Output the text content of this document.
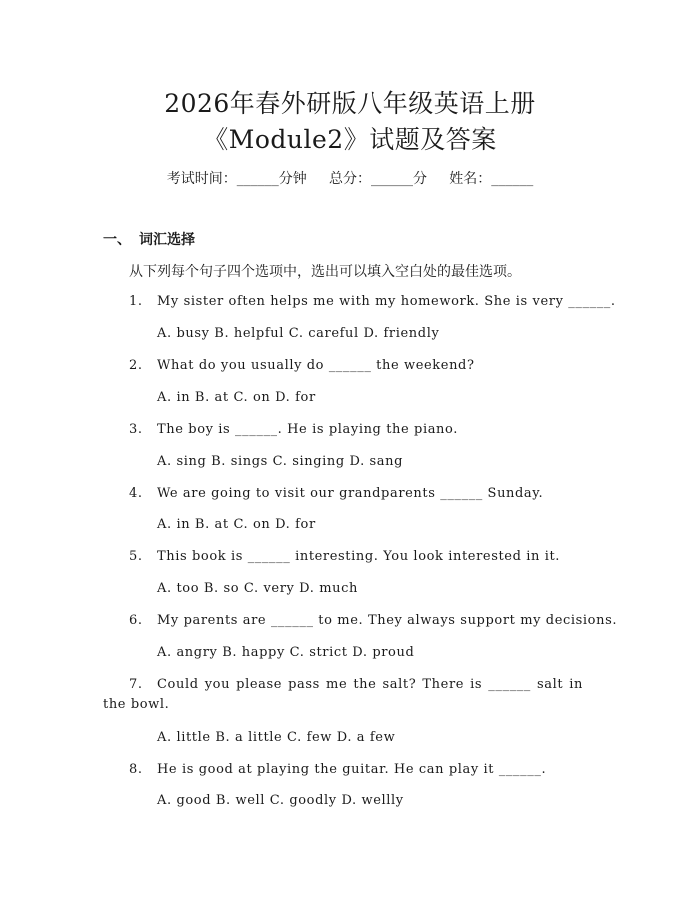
2026年春外研版八年级英语上册
《Module2》试题及答案
考试时间：______分钟     总分：______分     姓名：______
一、 词汇选择
从下列每个句子四个选项中，选出可以填入空白处的最佳选项。
1. My sister often helps me with my homework. She is very ______.
A. busy B. helpful C. careful D. friendly
2. What do you usually do ______ the weekend?
A. in B. at C. on D. for
3. The boy is ______. He is playing the piano.
A. sing B. sings C. singing D. sang
4. We are going to visit our grandparents ______ Sunday.
A. in B. at C. on D. for
5. This book is ______ interesting. You look interested in it.
A. too B. so C. very D. much
6. My parents are ______ to me. They always support my decisions.
A. angry B. happy C. strict D. proud
7. Could you please pass me the salt? There is ______ salt in the bowl.
A. little B. a little C. few D. a few
8. He is good at playing the guitar. He can play it ______.
A. good B. well C. goodly D. wellly
